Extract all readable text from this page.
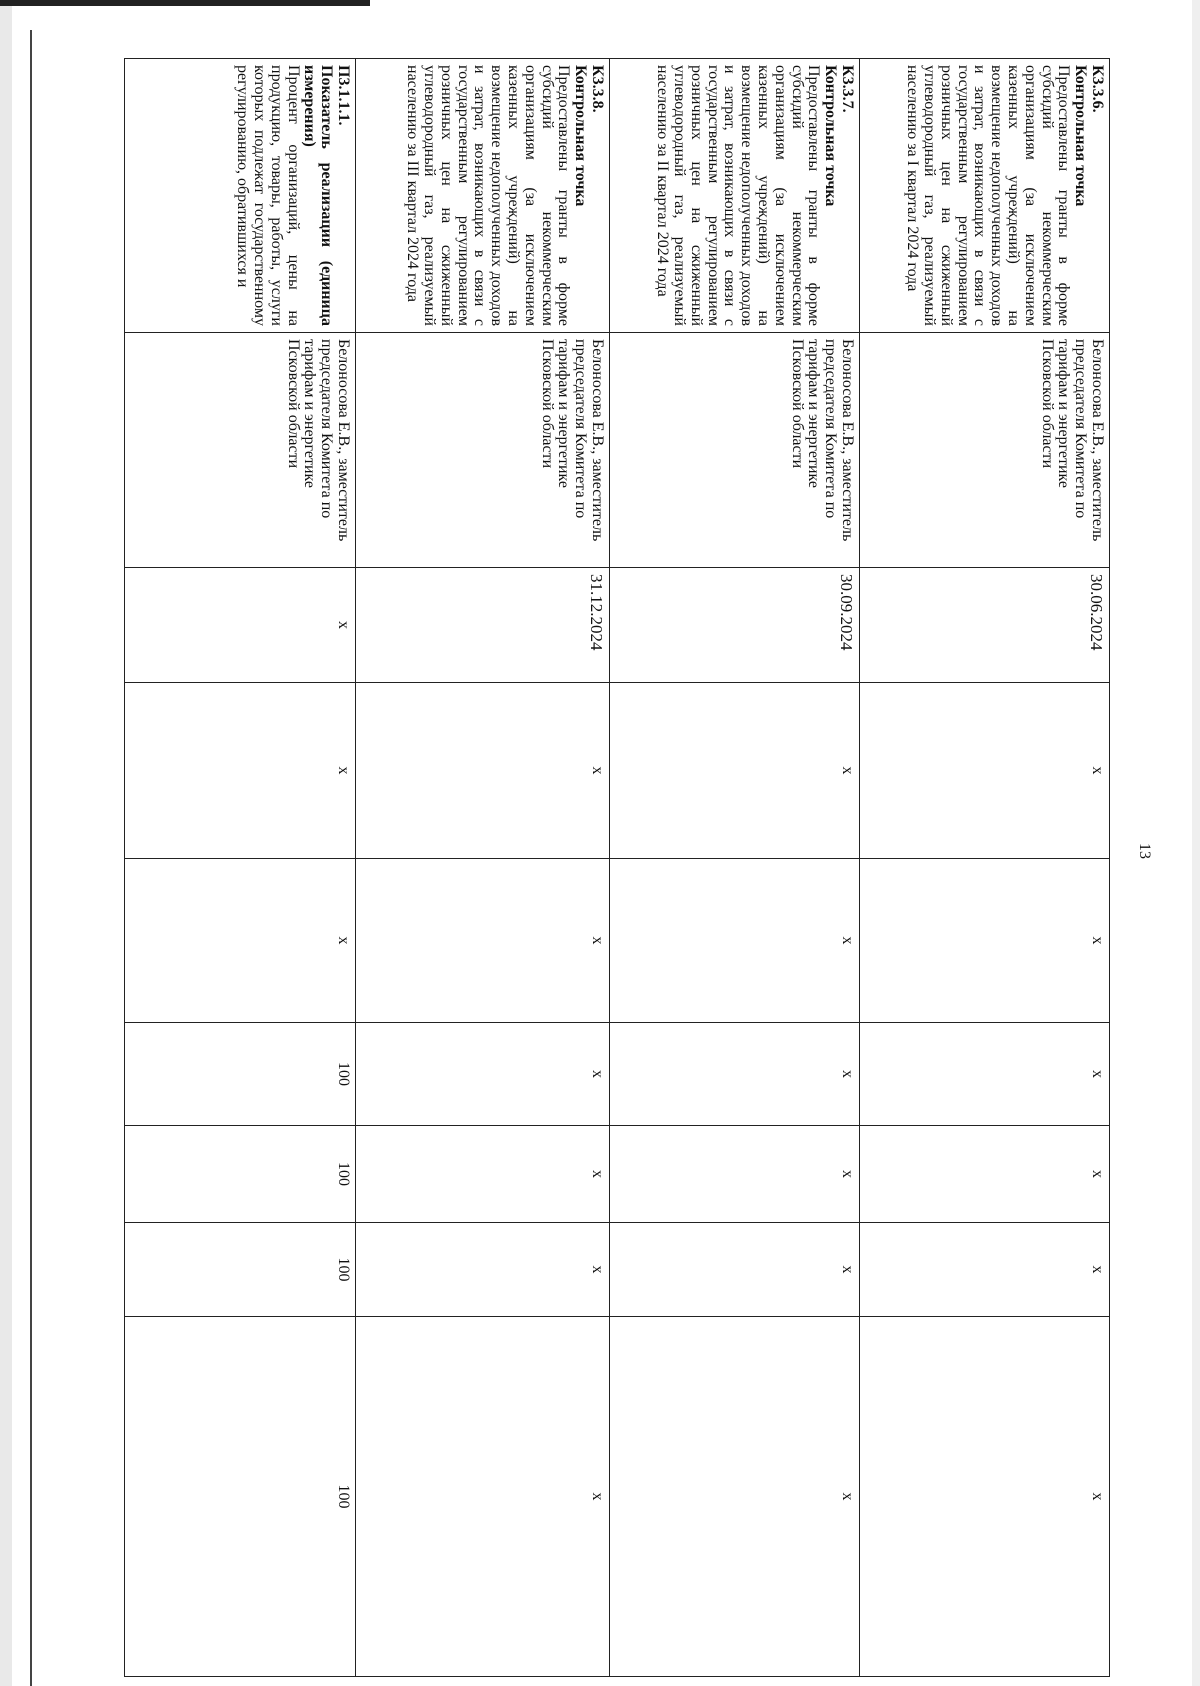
13
К3.3.6.
Контрольная точка
Предоставлены гранты в форме субсидий некоммерческим организациям (за исключением казенных учреждений) на возмещение недополученных доходов и затрат, возникающих в связи с государственным регулированием розничных цен на сжиженный углеводородный газ, реализуемый населению за I квартал 2024 года	Белоносова Е.В., заместитель председателя Комитета по тарифам и энергетике Псковской области	30.06.2024	x	x	x	x	x	x

К3.3.7.
Контрольная точка
Предоставлены гранты в форме субсидий некоммерческим организациям (за исключением казенных учреждений) на возмещение недополученных доходов и затрат, возникающих в связи с государственным регулированием розничных цен на сжиженный углеводородный газ, реализуемый населению за II квартал 2024 года	Белоносова Е.В., заместитель председателя Комитета по тарифам и энергетике Псковской области	30.09.2024	x	x	x	x	x	x

К3.3.8.
Контрольная точка
Предоставлены гранты в форме субсидий некоммерческим организациям (за исключением казенных учреждений) на возмещение недополученных доходов и затрат, возникающих в связи с государственным регулированием розничных цен на сжиженный углеводородный газ, реализуемый населению за III квартал 2024 года	Белоносова Е.В., заместитель председателя Комитета по тарифам и энергетике Псковской области	31.12.2024	x	x	x	x	x	x

П3.1.1.1.
Показатель реализации (единица измерения)
Процент организаций, цены на продукцию, товары, работы, услуги которых подлежат государственному регулированию, обратившихся и	Белоносова Е.В., заместитель председателя Комитета по тарифам и энергетике Псковской области	x	x	x	100	100	100	100
